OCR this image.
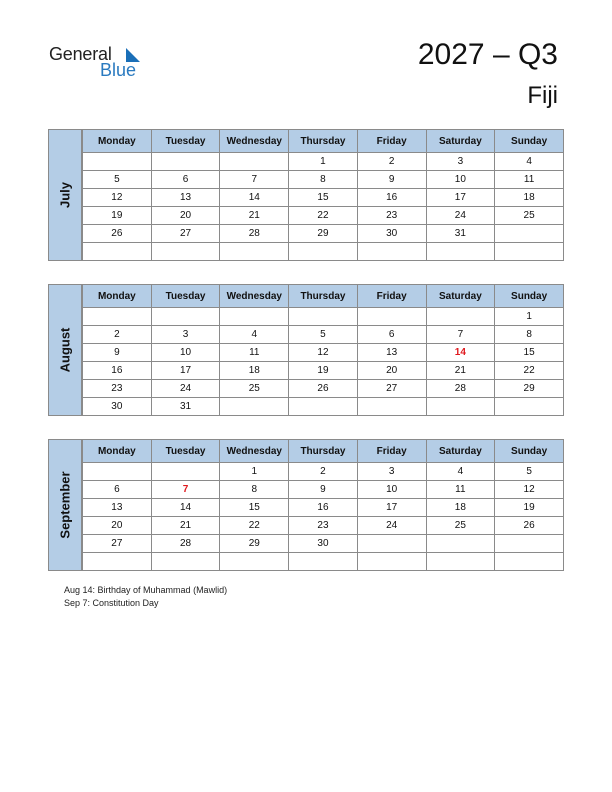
General
Blue	2027 – Q3
Fiji
July
Monday	Tuesday	Wednesday	Thursday	Friday	Saturday	Sunday
			1	2	3	4
5	6	7	8	9	10	11
12	13	14	15	16	17	18
19	20	21	22	23	24	25
26	27	28	29	30	31	

August
Monday	Tuesday	Wednesday	Thursday	Friday	Saturday	Sunday
						1
2	3	4	5	6	7	8
9	10	11	12	13	14	15
16	17	18	19	20	21	22
23	24	25	26	27	28	29
30	31					
September
Monday	Tuesday	Wednesday	Thursday	Friday	Saturday	Sunday
		1	2	3	4	5
6	7	8	9	10	11	12
13	14	15	16	17	18	19
20	21	22	23	24	25	26
27	28	29	30			

Aug 14: Birthday of Muhammad (Mawlid)
Sep 7: Constitution Day
